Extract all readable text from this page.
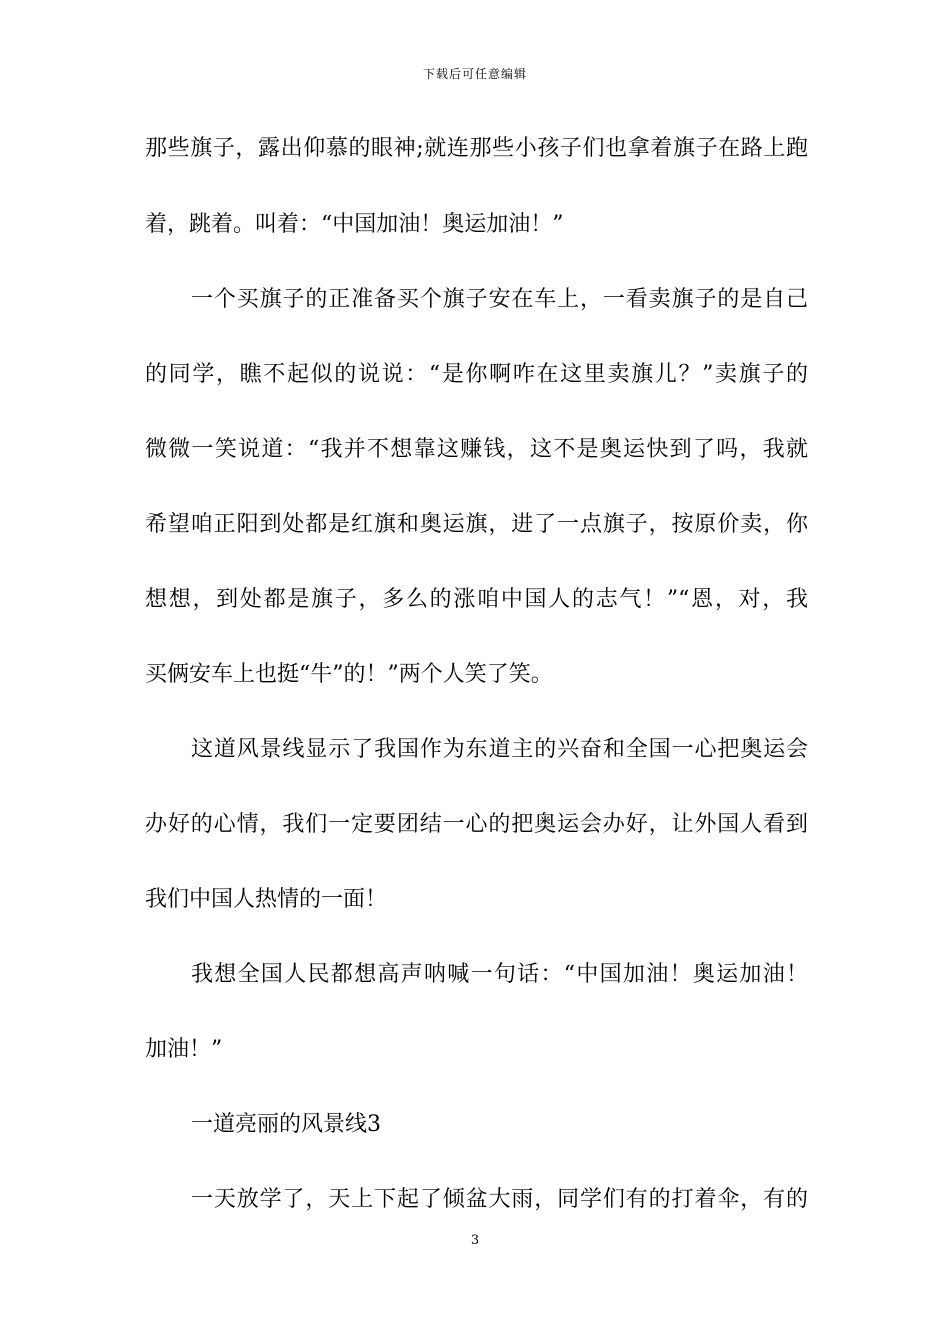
下载后可任意编辑
那些旗子，露出仰慕的眼神;就连那些小孩子们也拿着旗子在路上跑
着，跳着。叫着：“中国加油！奥运加油！”
一个买旗子的正准备买个旗子安在车上，一看卖旗子的是自己
的同学，瞧不起似的说说：“是你啊咋在这里卖旗儿？”卖旗子的
微微一笑说道：“我并不想靠这赚钱，这不是奥运快到了吗，我就
希望咱正阳到处都是红旗和奥运旗，进了一点旗子，按原价卖，你
想想，到处都是旗子，多么的涨咱中国人的志气！”“恩，对，我
买俩安车上也挺“牛”的！”两个人笑了笑。
这道风景线显示了我国作为东道主的兴奋和全国一心把奥运会
办好的心情，我们一定要团结一心的把奥运会办好，让外国人看到
我们中国人热情的一面！
我想全国人民都想高声呐喊一句话：“中国加油！奥运加油！
加油！”
一道亮丽的风景线3
一天放学了，天上下起了倾盆大雨，同学们有的打着伞，有的
3
